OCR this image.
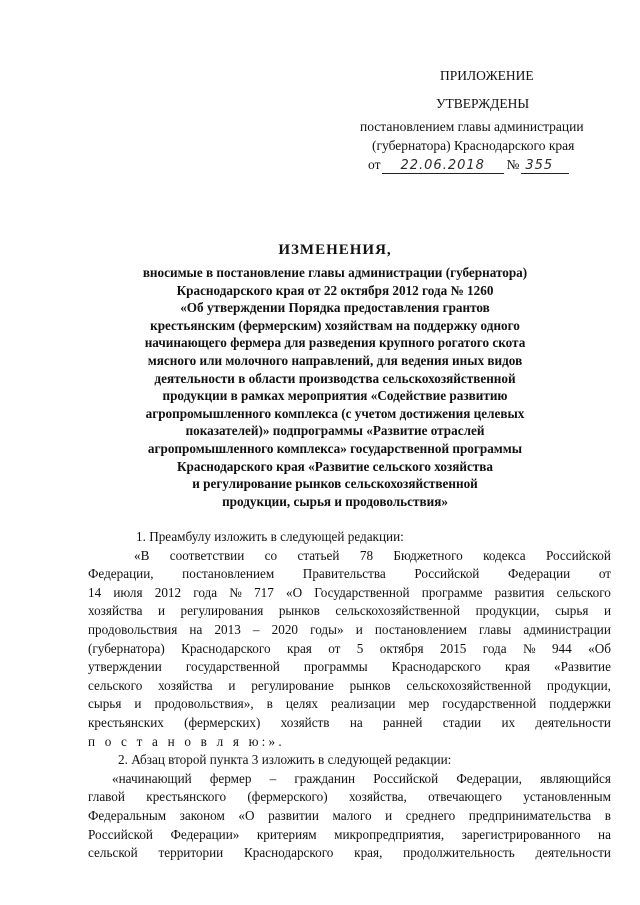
ПРИЛОЖЕНИЕ
УТВЕРЖДЕНЫ
постановлением главы администрации
(губернатора) Краснодарского края
от 22.06.2018 № 355
ИЗМЕНЕНИЯ,
вносимые в постановление главы администрации (губернатора)
Краснодарского края от 22 октября 2012 года № 1260
«Об утверждении Порядка предоставления грантов
крестьянским (фермерским) хозяйствам на поддержку одного
начинающего фермера для разведения крупного рогатого скота
мясного или молочного направлений, для ведения иных видов
деятельности в области производства сельскохозяйственной
продукции в рамках мероприятия «Содействие развитию
агропромышленного комплекса (с учетом достижения целевых
показателей)» подпрограммы «Развитие отраслей
агропромышленного комплекса» государственной программы
Краснодарского края «Развитие сельского хозяйства
и регулирование рынков сельскохозяйственной
продукции, сырья и продовольствия»
1. Преамбулу изложить в следующей редакции:
«В соответствии со статьей 78 Бюджетного кодекса Российской
Федерации, постановлением Правительства Российской Федерации от
14 июля 2012 года № 717 «О Государственной программе развития сельского
хозяйства и регулирования рынков сельскохозяйственной продукции, сырья и
продовольствия на 2013 – 2020 годы» и постановлением главы администрации
(губернатора) Краснодарского края от 5 октября 2015 года № 944 «Об
утверждении государственной программы Краснодарского края «Развитие
сельского хозяйства и регулирование рынков сельскохозяйственной продукции,
сырья и продовольствия», в целях реализации мер государственной поддержки
крестьянских (фермерских) хозяйств на ранней стадии их деятельности
п о с т а н о в л я ю:».
2. Абзац второй пункта 3 изложить в следующей редакции:
«начинающий фермер – гражданин Российской Федерации, являющийся
главой крестьянского (фермерского) хозяйства, отвечающего установленным
Федеральным законом «О развитии малого и среднего предпринимательства в
Российской Федерации» критериям микропредприятия, зарегистрированного на
сельской территории Краснодарского края, продолжительность деятельности
